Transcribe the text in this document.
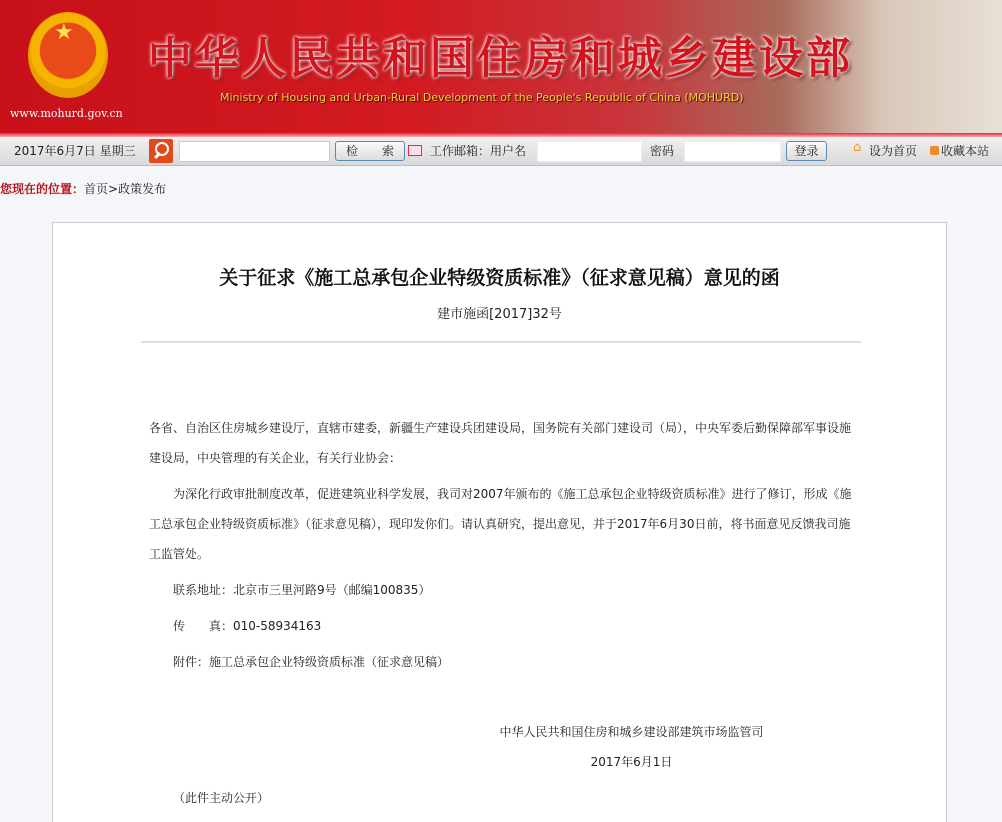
★
www.mohurd.gov.cn
中华人民共和国住房和城乡建设部
Ministry of Housing and Urban-Rural Development of the People's Republic of China (MOHURD)
2017年6月7日 星期三	检　　索	工作邮箱： 用户名	密码	登录	⌂ 设为首页 收藏本站
您现在的位置：首页>政策发布
关于征求《施工总承包企业特级资质标准》（征求意见稿）意见的函
建市施函[2017]32号

各省、自治区住房城乡建设厅，直辖市建委，新疆生产建设兵团建设局，国务院有关部门建设司（局），中央军委后勤保障部军事设施建设局，中央管理的有关企业，有关行业协会：

为深化行政审批制度改革，促进建筑业科学发展，我司对2007年颁布的《施工总承包企业特级资质标准》进行了修订，形成《施工总承包企业特级资质标准》（征求意见稿），现印发你们。请认真研究，提出意见，并于2017年6月30日前，将书面意见反馈我司施工监管处。

联系地址：北京市三里河路9号（邮编100835）

传　　真：010-58934163

附件：施工总承包企业特级资质标准（征求意见稿）

中华人民共和国住房和城乡建设部建筑市场监管司

2017年6月1日

（此件主动公开）
